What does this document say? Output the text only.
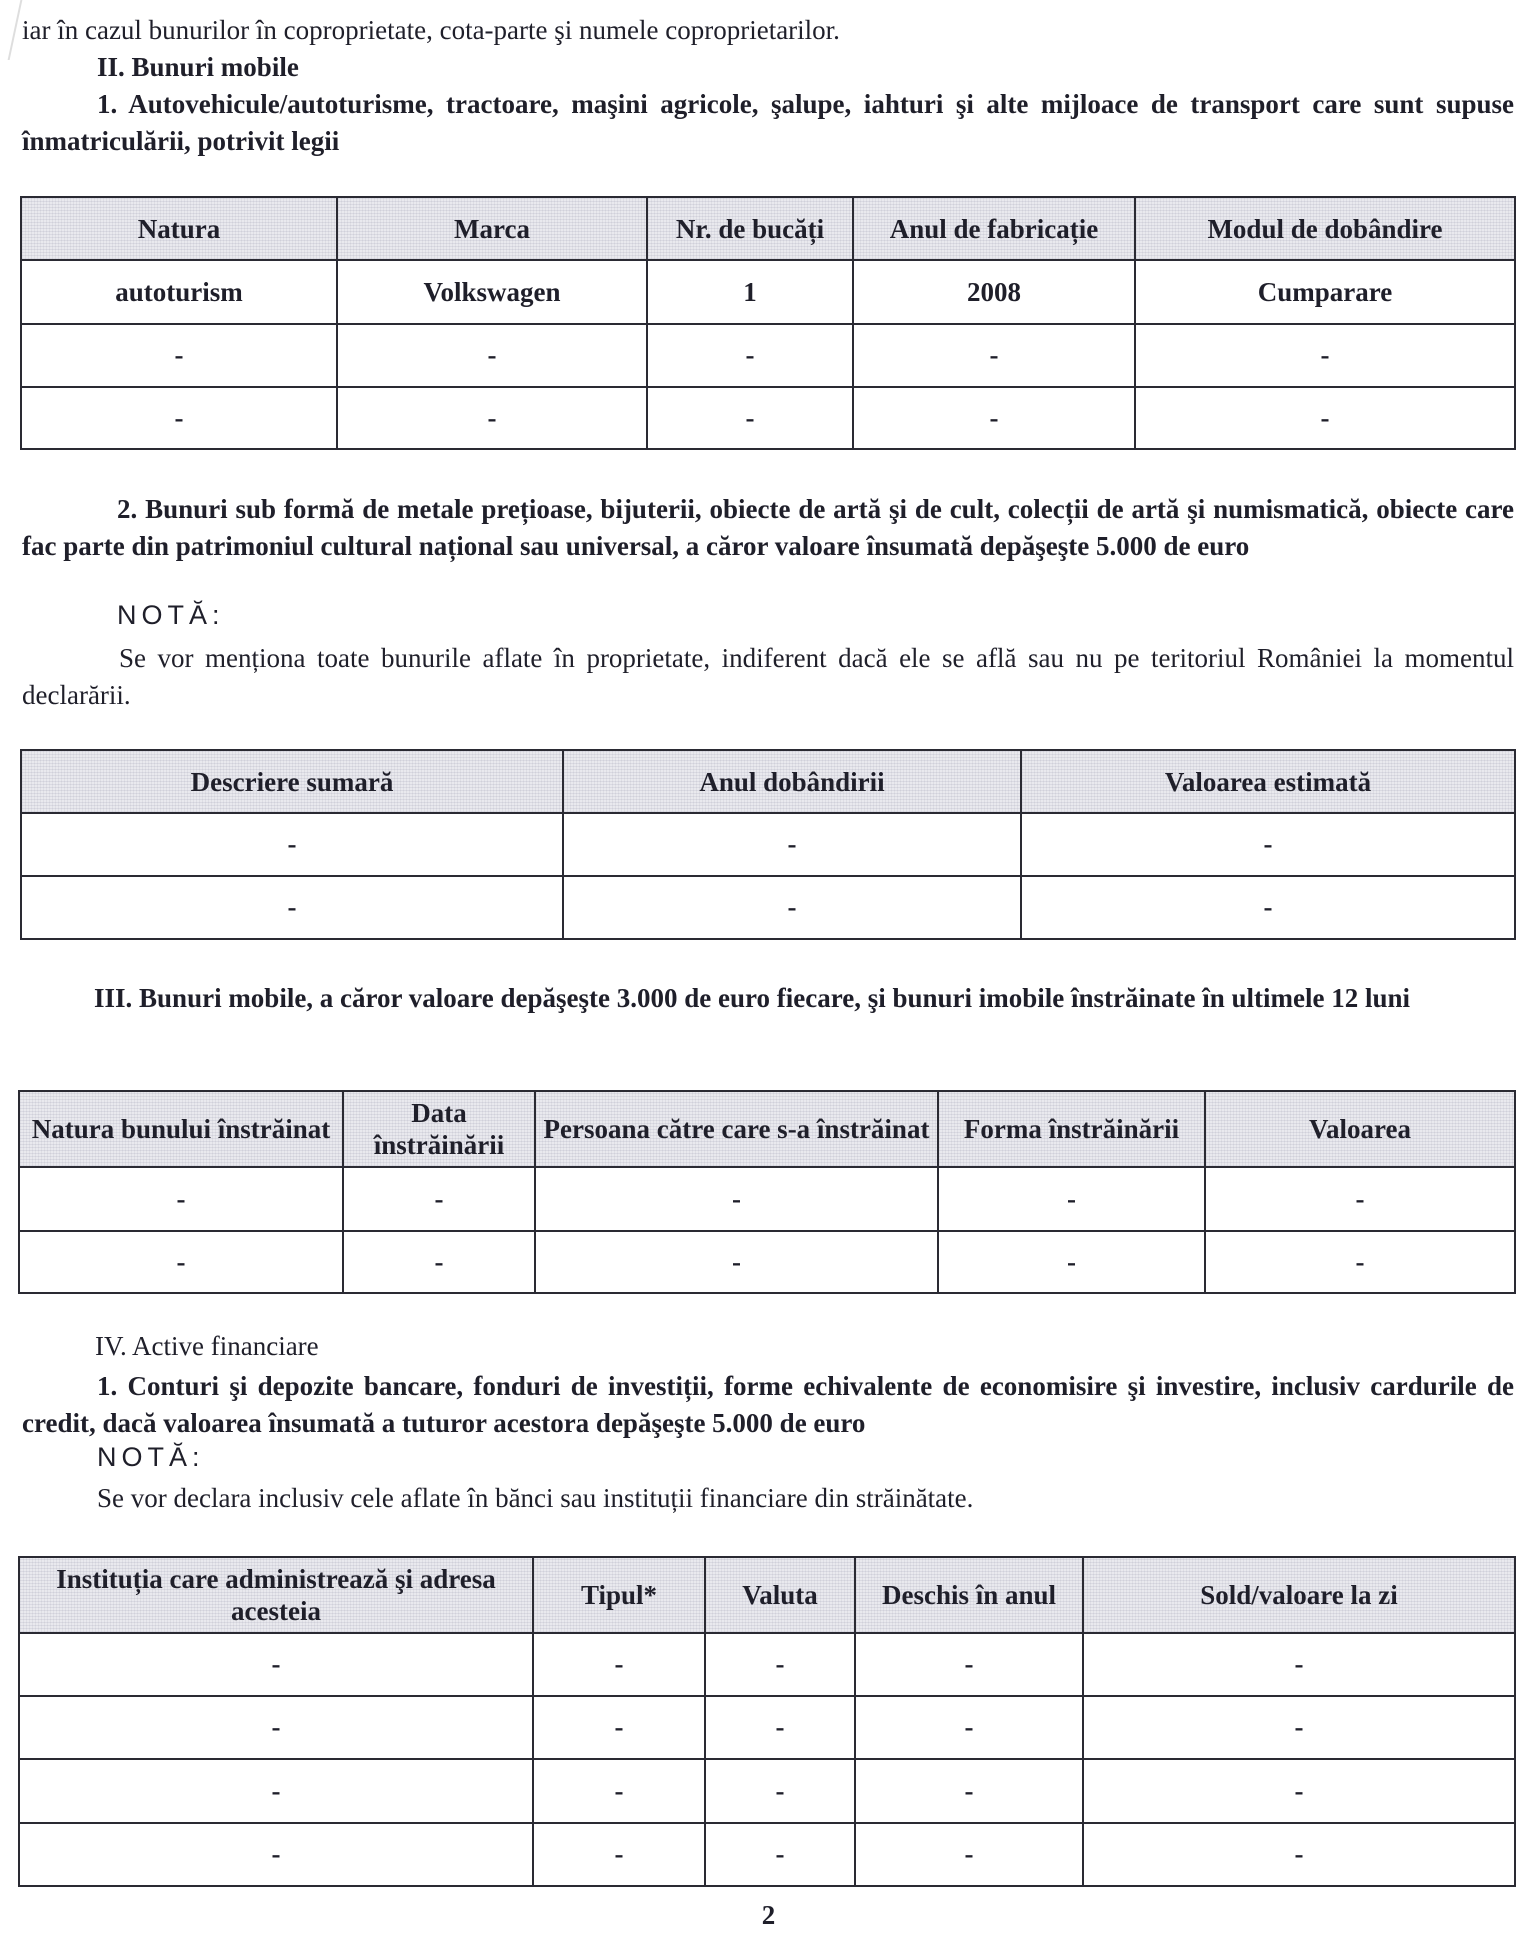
iar în cazul bunurilor în coproprietate, cota-parte şi numele coproprietarilor.

II. Bunuri mobile

1. Autovehicule/autoturisme, tractoare, maşini agricole, şalupe, iahturi şi alte mijloace de transport care sunt supuse înmatriculării, potrivit legii

Natura	Marca	Nr. de bucăți	Anul de fabricație	Modul de dobândire
autoturism	Volkswagen	1	2008	Cumparare
-	-	-	-	-
-	-	-	-	-

2. Bunuri sub formă de metale prețioase, bijuterii, obiecte de artă şi de cult, colecții de artă şi numismatică, obiecte care fac parte din patrimoniul cultural național sau universal, a căror valoare însumată depăşeşte 5.000 de euro

NOTĂ:

Se vor menționa toate bunurile aflate în proprietate, indiferent dacă ele se află sau nu pe teritoriul României la momentul declarării.

Descriere sumară	Anul dobândirii	Valoarea estimată
-	-	-
-	-	-

III. Bunuri mobile, a căror valoare depăşeşte 3.000 de euro fiecare, şi bunuri imobile înstrăinate în ultimele 12 luni

Natura bunului înstrăinat	Data înstrăinării	Persoana către care s-a înstrăinat	Forma înstrăinării	Valoarea
-	-	-	-	-
-	-	-	-	-
IV. Active financiare

1. Conturi şi depozite bancare, fonduri de investiții, forme echivalente de economisire şi investire, inclusiv cardurile de credit, dacă valoarea însumată a tuturor acestora depăşeşte 5.000 de euro

NOTĂ:
Se vor declara inclusiv cele aflate în bănci sau instituții financiare din străinătate.
Instituția care administrează şi adresa acesteia	Tipul*	Valuta	Deschis în anul	Sold/valoare la zi
-	-	-	-	-
-	-	-	-	-
-	-	-	-	-
-	-	-	-	-
2
